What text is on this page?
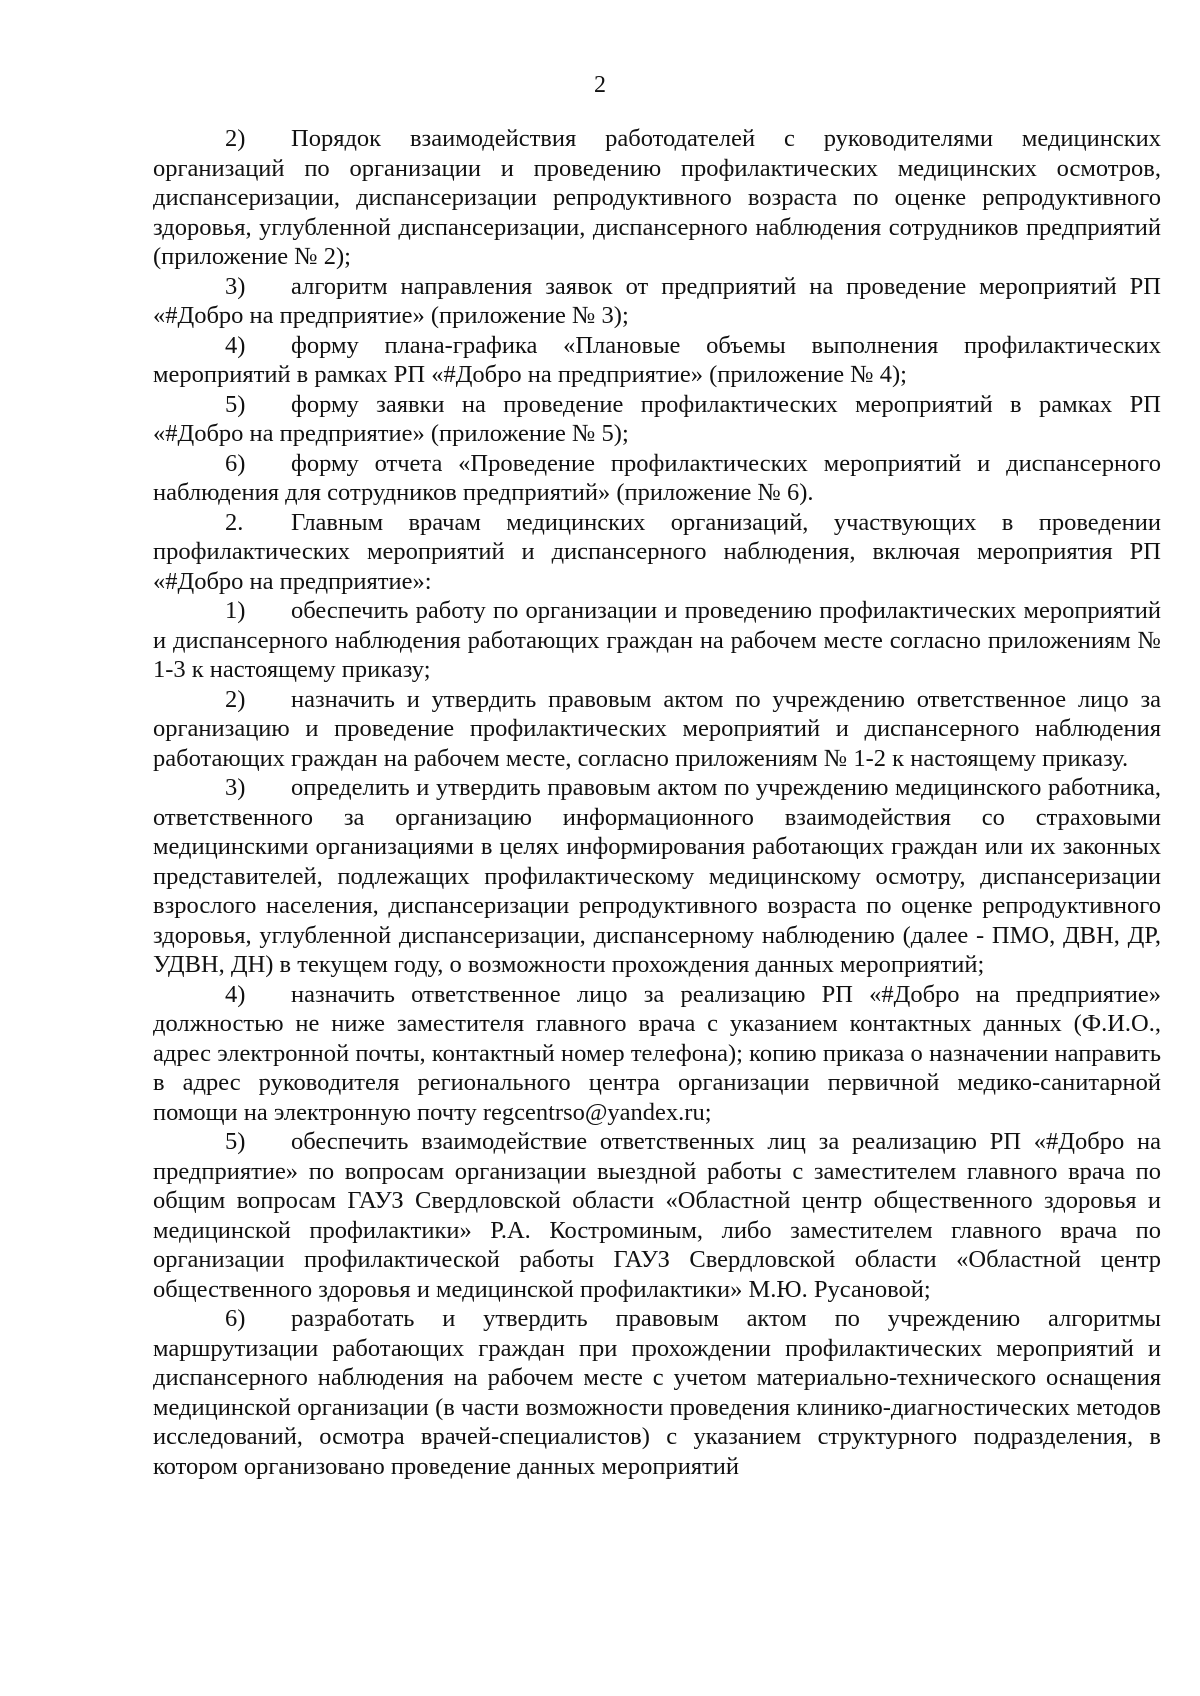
2

2) Порядок взаимодействия работодателей с руководителями медицинских организаций по организации и проведению профилактических медицинских осмотров, диспансеризации, диспансеризации репродуктивного возраста по оценке репродуктивного здоровья, углубленной диспансеризации, диспансерного наблюдения сотрудников предприятий (приложение № 2);

3) алгоритм направления заявок от предприятий на проведение мероприятий РП «#Добро на предприятие» (приложение № 3);

4) форму плана-графика «Плановые объемы выполнения профилактических мероприятий в рамках РП «#Добро на предприятие» (приложение № 4);

5) форму заявки на проведение профилактических мероприятий в рамках РП «#Добро на предприятие» (приложение № 5);

6) форму отчета «Проведение профилактических мероприятий и диспансерного наблюдения для сотрудников предприятий» (приложение № 6).

2. Главным врачам медицинских организаций, участвующих в проведении профилактических мероприятий и диспансерного наблюдения, включая мероприятия РП «#Добро на предприятие»:

1) обеспечить работу по организации и проведению профилактических мероприятий и диспансерного наблюдения работающих граждан на рабочем месте согласно приложениям № 1-3 к настоящему приказу;

2) назначить и утвердить правовым актом по учреждению ответственное лицо за организацию и проведение профилактических мероприятий и диспансерного наблюдения работающих граждан на рабочем месте, согласно приложениям № 1-2 к настоящему приказу.

3) определить и утвердить правовым актом по учреждению медицинского работника, ответственного за организацию информационного взаимодействия со страховыми медицинскими организациями в целях информирования работающих граждан или их законных представителей, подлежащих профилактическому медицинскому осмотру, диспансеризации взрослого населения, диспансеризации репродуктивного возраста по оценке репродуктивного здоровья, углубленной диспансеризации, диспансерному наблюдению (далее - ПМО, ДВН, ДР, УДВН, ДН) в текущем году, о возможности прохождения данных мероприятий;

4) назначить ответственное лицо за реализацию РП «#Добро на предприятие» должностью не ниже заместителя главного врача с указанием контактных данных (Ф.И.О., адрес электронной почты, контактный номер телефона); копию приказа о назначении направить в адрес руководителя регионального центра организации первичной медико-санитарной помощи на электронную почту regcentrso@yandex.ru;

5) обеспечить взаимодействие ответственных лиц за реализацию РП «#Добро на предприятие» по вопросам организации выездной работы с заместителем главного врача по общим вопросам ГАУЗ Свердловской области «Областной центр общественного здоровья и медицинской профилактики» Р.А. Костроминым, либо заместителем главного врача по организации профилактической работы ГАУЗ Свердловской области «Областной центр общественного здоровья и медицинской профилактики» М.Ю. Русановой;

6) разработать и утвердить правовым актом по учреждению алгоритмы маршрутизации работающих граждан при прохождении профилактических мероприятий и диспансерного наблюдения на рабочем месте с учетом материально-технического оснащения медицинской организации (в части возможности проведения клинико-диагностических методов исследований, осмотра врачей-специалистов) с указанием структурного подразделения, в котором организовано проведение данных мероприятий
